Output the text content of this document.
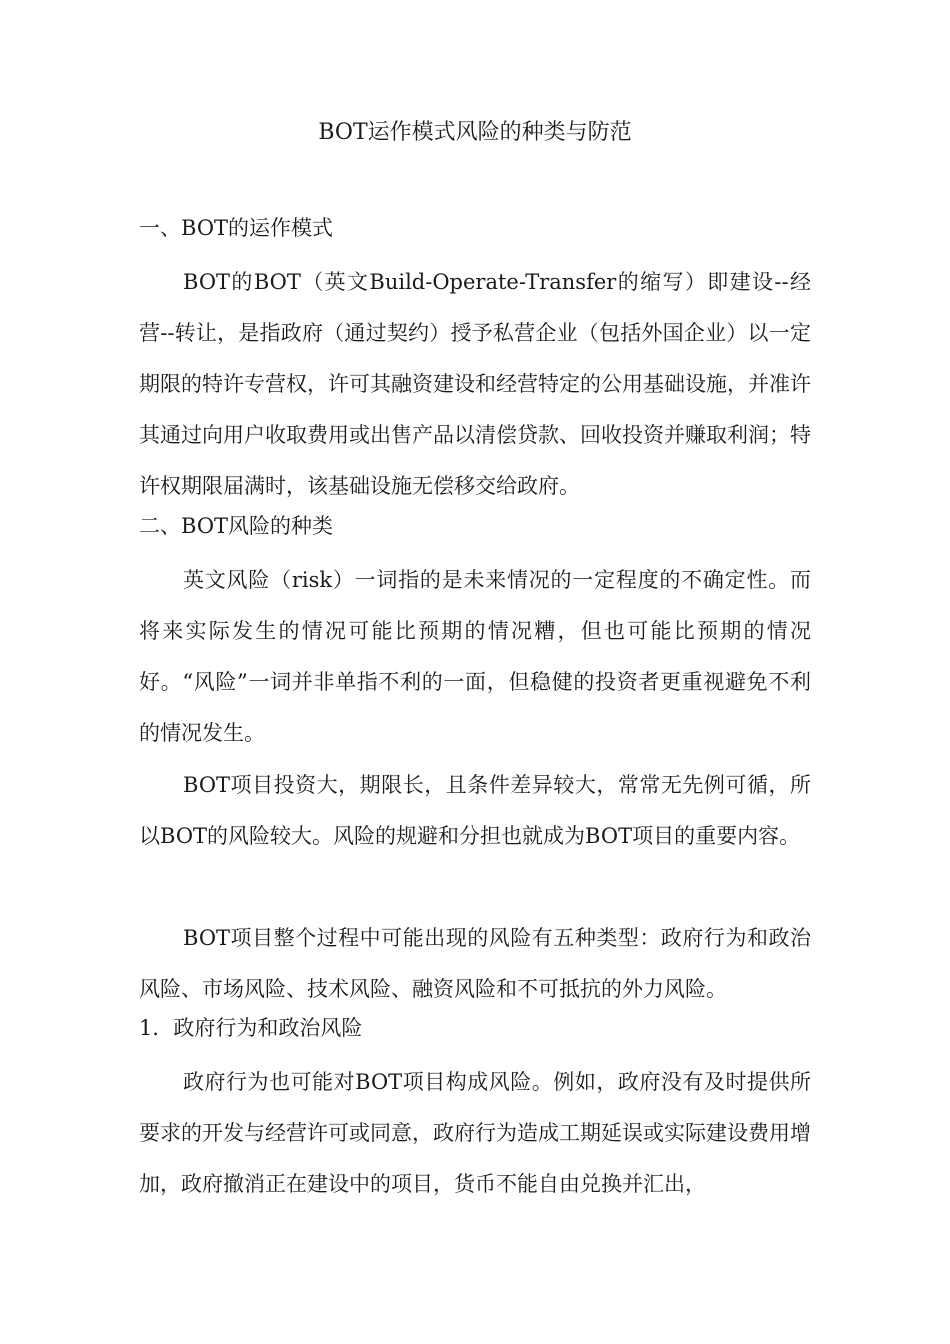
BOT运作模式风险的种类与防范
一、BOT的运作模式

BOT的BOT（英文Build-Operate-Transfer的缩写）即建设--经营--转让，是指政府（通过契约）授予私营企业（包括外国企业）以一定期限的特许专营权，许可其融资建设和经营特定的公用基础设施，并准许其通过向用户收取费用或出售产品以清偿贷款、回收投资并赚取利润；特许权期限届满时，该基础设施无偿移交给政府。

二、BOT风险的种类

英文风险（risk）一词指的是未来情况的一定程度的不确定性。而将来实际发生的情况可能比预期的情况糟，但也可能比预期的情况好。“风险”一词并非单指不利的一面，但稳健的投资者更重视避免不利的情况发生。

BOT项目投资大，期限长，且条件差异较大，常常无先例可循，所以BOT的风险较大。风险的规避和分担也就成为BOT项目的重要内容。

BOT项目整个过程中可能出现的风险有五种类型：政府行为和政治风险、市场风险、技术风险、融资风险和不可抵抗的外力风险。

1．政府行为和政治风险

政府行为也可能对BOT项目构成风险。例如，政府没有及时提供所要求的开发与经营许可或同意，政府行为造成工期延误或实际建设费用增加，政府撤消正在建设中的项目，货币不能自由兑换并汇出，
